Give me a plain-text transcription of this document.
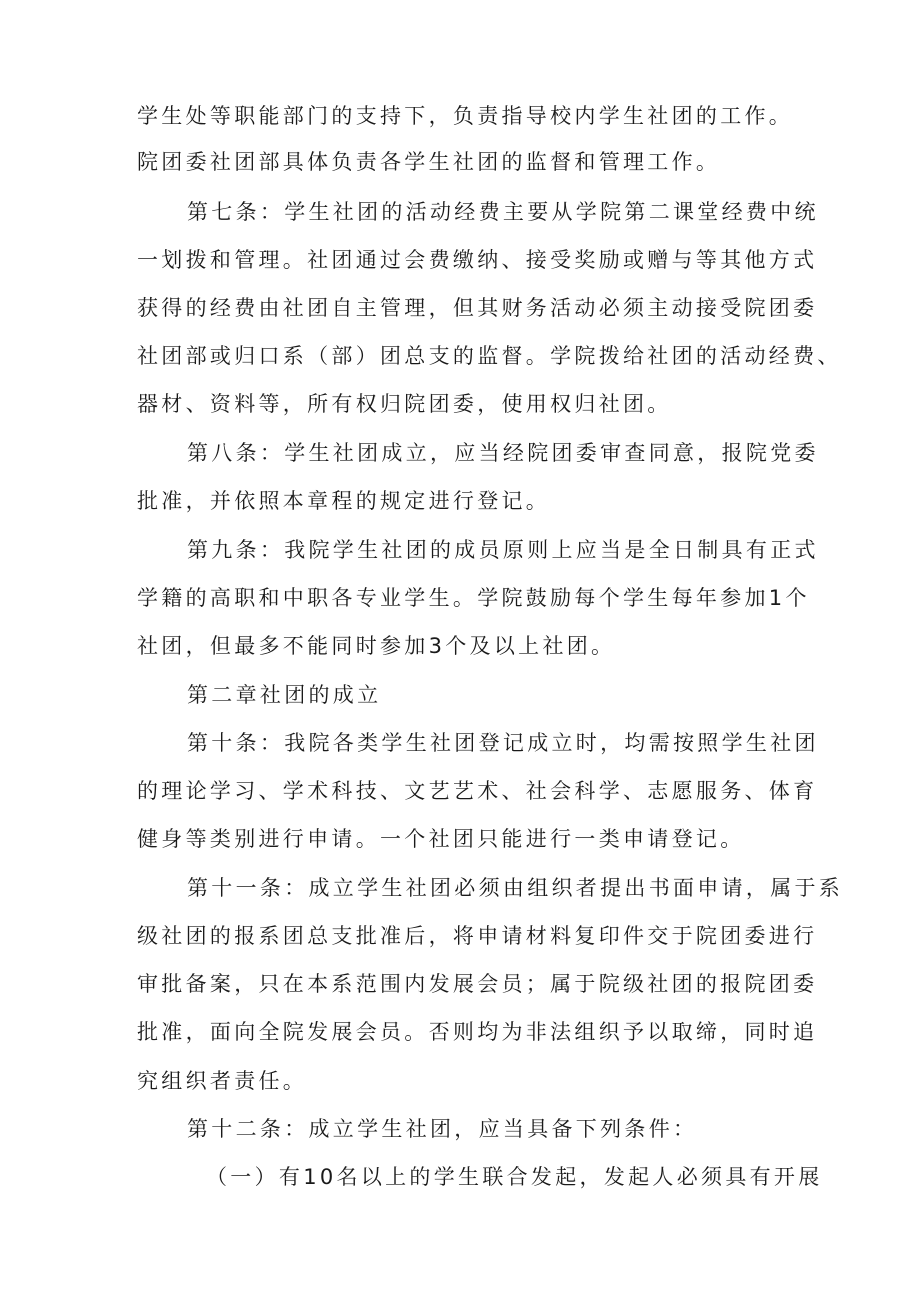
学生处等职能部门的支持下，负责指导校内学生社团的工作。
院团委社团部具体负责各学生社团的监督和管理工作。
第七条：学生社团的活动经费主要从学院第二课堂经费中统
一划拨和管理。社团通过会费缴纳、接受奖励或赠与等其他方式
获得的经费由社团自主管理，但其财务活动必须主动接受院团委
社团部或归口系（部）团总支的监督。学院拨给社团的活动经费、
器材、资料等，所有权归院团委，使用权归社团。
第八条：学生社团成立，应当经院团委审查同意，报院党委
批准，并依照本章程的规定进行登记。
第九条：我院学生社团的成员原则上应当是全日制具有正式
学籍的高职和中职各专业学生。学院鼓励每个学生每年参加1个
社团，但最多不能同时参加3个及以上社团。
第二章社团的成立
第十条：我院各类学生社团登记成立时，均需按照学生社团
的理论学习、学术科技、文艺艺术、社会科学、志愿服务、体育
健身等类别进行申请。一个社团只能进行一类申请登记。
第十一条：成立学生社团必须由组织者提出书面申请，属于系
级社团的报系团总支批准后，将申请材料复印件交于院团委进行
审批备案，只在本系范围内发展会员；属于院级社团的报院团委
批准，面向全院发展会员。否则均为非法组织予以取缔，同时追
究组织者责任。
第十二条：成立学生社团，应当具备下列条件：
（一）有10名以上的学生联合发起，发起人必须具有开展
